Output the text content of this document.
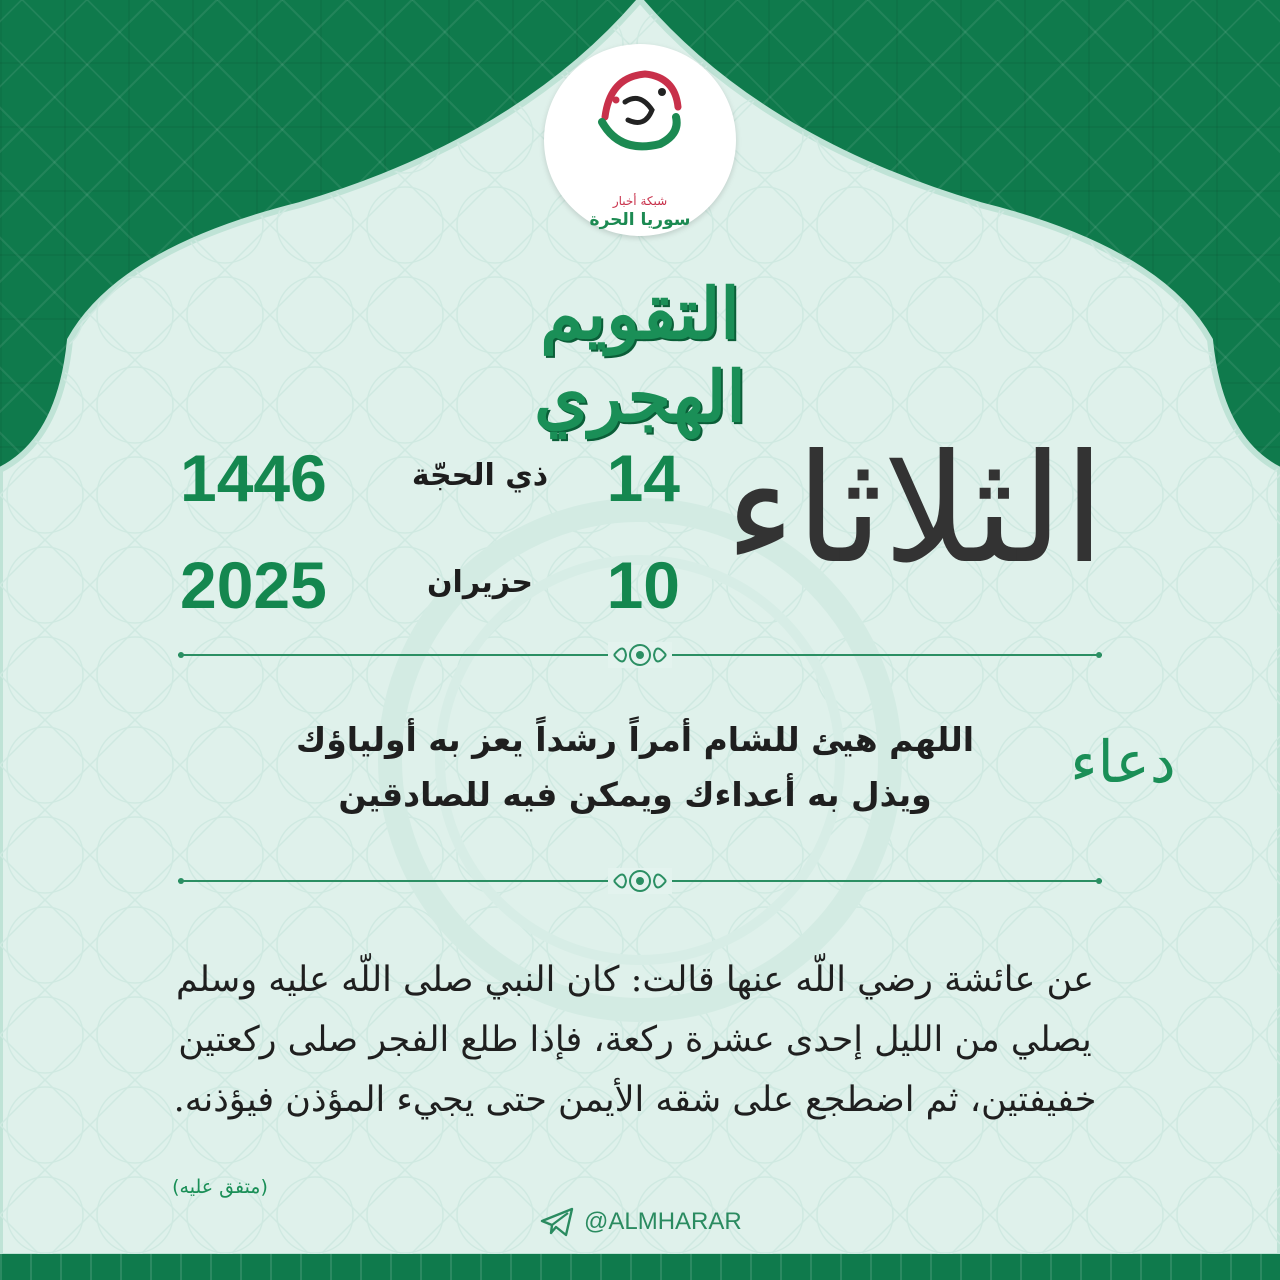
شبكة أخبار
سوريا الحرة
التقويم الهجري
الثلاثاء
1446	ذي الحجّة 14
2025	حزيران	10
دعاء
اللهم هيئ للشام أمراً رشداً يعز به أولياؤك
ويذل به أعداءك ويمكن فيه للصادقين
عن عائشة رضي اللّه عنها قالت: كان النبي صلى اللّه عليه وسلم
يصلي من الليل إحدى عشرة ركعة، فإذا طلع الفجر صلى ركعتين
خفيفتين، ثم اضطجع على شقه الأيمن حتى يجيء المؤذن فيؤذنه.
(متفق عليه)
@ALMHARAR
